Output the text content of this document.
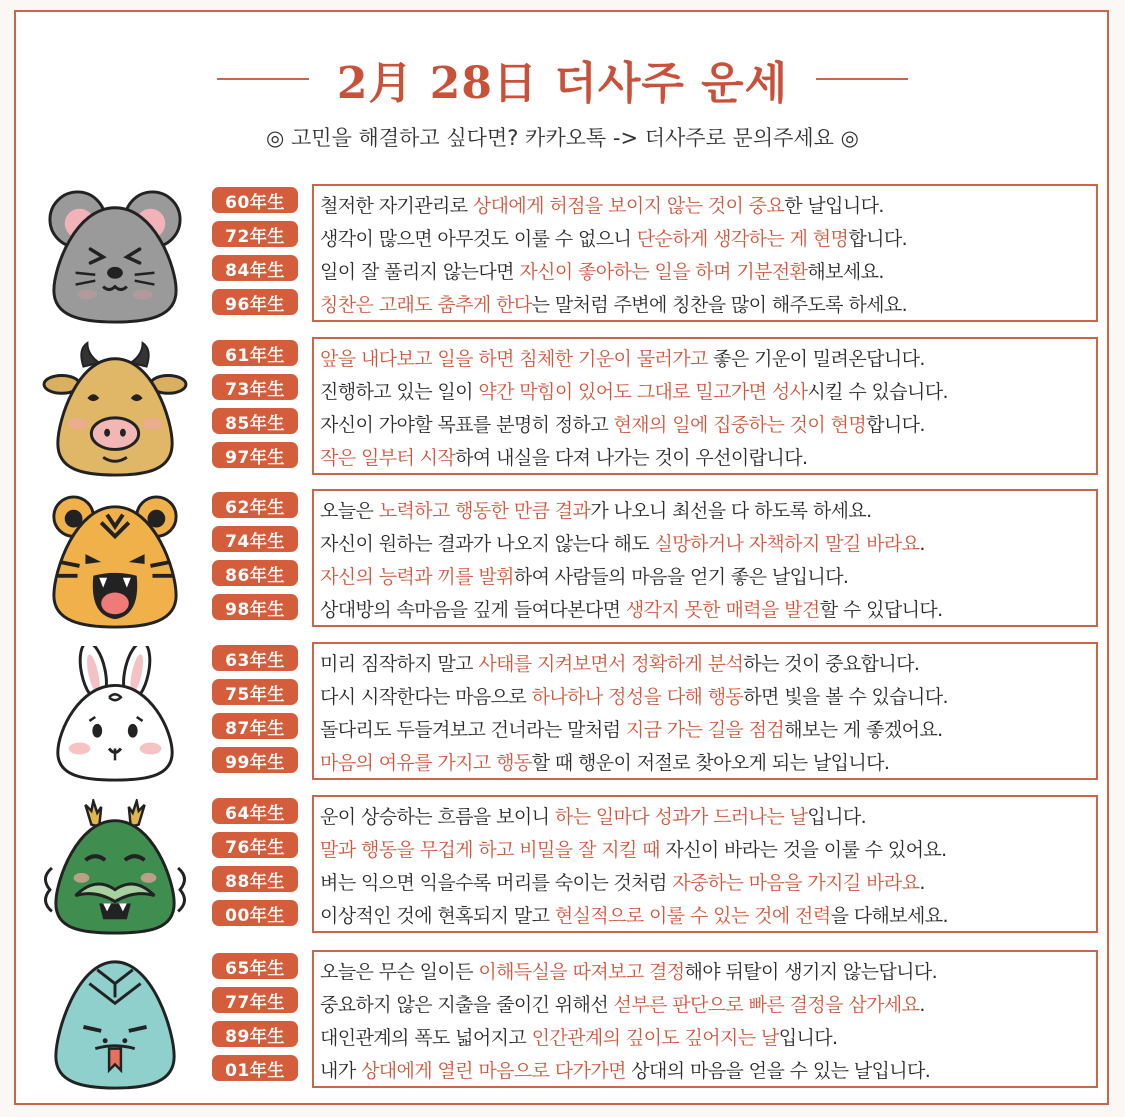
2月 28日 더사주 운세
◎ 고민을 해결하고 싶다면? 카카오톡 -> 더사주로 문의주세요 ◎
60年生
72年生
84年生
96年生
철저한 자기관리로 상대에게 허점을 보이지 않는 것이 중요한 날입니다.
생각이 많으면 아무것도 이룰 수 없으니 단순하게 생각하는 게 현명합니다.
일이 잘 풀리지 않는다면 자신이 좋아하는 일을 하며 기분전환해보세요.
칭찬은 고래도 춤추게 한다는 말처럼 주변에 칭찬을 많이 해주도록 하세요.
61年生
73年生
85年生
97年生
앞을 내다보고 일을 하면 침체한 기운이 물러가고 좋은 기운이 밀려온답니다.
진행하고 있는 일이 약간 막힘이 있어도 그대로 밀고가면 성사시킬 수 있습니다.
자신이 가야할 목표를 분명히 정하고 현재의 일에 집중하는 것이 현명합니다.
작은 일부터 시작하여 내실을 다져 나가는 것이 우선이랍니다.
62年生
74年生
86年生
98年生
오늘은 노력하고 행동한 만큼 결과가 나오니 최선을 다 하도록 하세요.
자신이 원하는 결과가 나오지 않는다 해도 실망하거나 자책하지 말길 바라요.
자신의 능력과 끼를 발휘하여 사람들의 마음을 얻기 좋은 날입니다.
상대방의 속마음을 깊게 들여다본다면 생각지 못한 매력을 발견할 수 있답니다.
63年生
75年生
87年生
99年生
미리 짐작하지 말고 사태를 지켜보면서 정확하게 분석하는 것이 중요합니다.
다시 시작한다는 마음으로 하나하나 정성을 다해 행동하면 빛을 볼 수 있습니다.
돌다리도 두들겨보고 건너라는 말처럼 지금 가는 길을 점검해보는 게 좋겠어요.
마음의 여유를 가지고 행동할 때 행운이 저절로 찾아오게 되는 날입니다.
64年生
76年生
88年生
00年生
운이 상승하는 흐름을 보이니 하는 일마다 성과가 드러나는 날입니다.
말과 행동을 무겁게 하고 비밀을 잘 지킬 때 자신이 바라는 것을 이룰 수 있어요.
벼는 익으면 익을수록 머리를 숙이는 것처럼 자중하는 마음을 가지길 바라요.
이상적인 것에 현혹되지 말고 현실적으로 이룰 수 있는 것에 전력을 다해보세요.
65年生
77年生
89年生
01年生
오늘은 무슨 일이든 이해득실을 따져보고 결정해야 뒤탈이 생기지 않는답니다.
중요하지 않은 지출을 줄이긴 위해선 섣부른 판단으로 빠른 결정을 삼가세요.
대인관계의 폭도 넓어지고 인간관계의 깊이도 깊어지는 날입니다.
내가 상대에게 열린 마음으로 다가가면 상대의 마음을 얻을 수 있는 날입니다.
